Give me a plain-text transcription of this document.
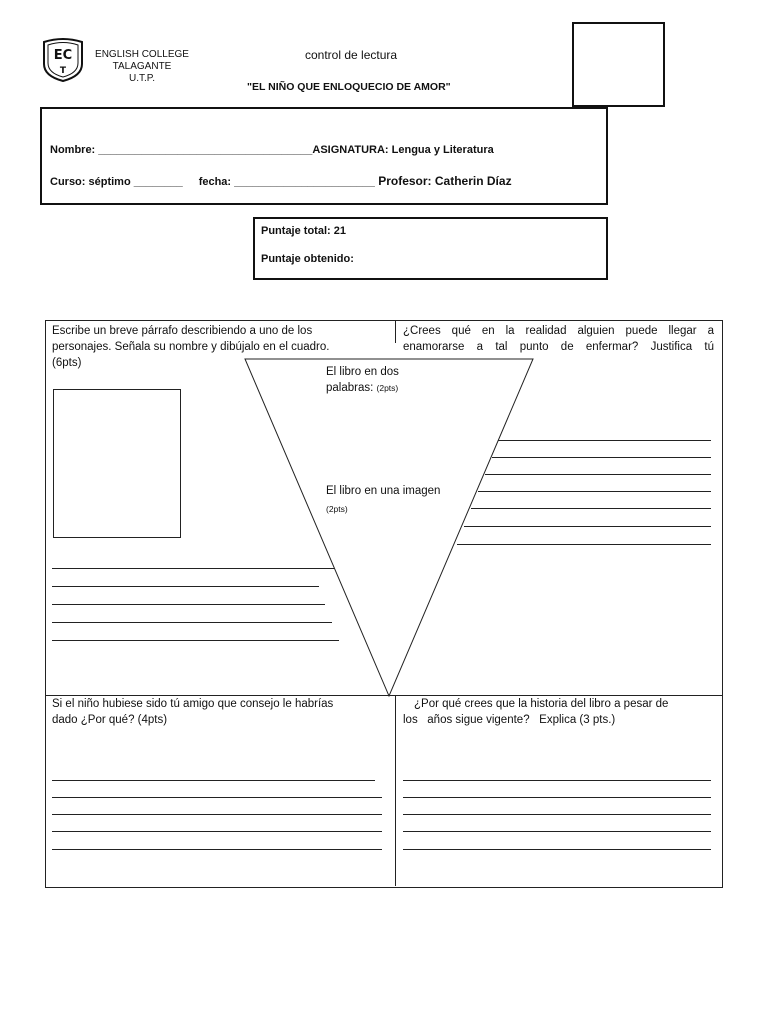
EC
T
ENGLISH COLLEGE
TALAGANTE
U.T.P.
control de lectura
"EL NIÑO QUE ENLOQUECIO DE AMOR"
Nombre: ___________________________________ASIGNATURA: Lengua y Literatura
Curso: séptimo ________ fecha: _______________________ Profesor: Catherin Díaz
Puntaje total: 21
Puntaje obtenido:
Escribe un breve párrafo describiendo a uno de los
personajes. Señala su nombre y dibújalo en el cuadro.
(6pts)
¿Crees qué en la realidad alguien puede llegar a
enamorarse a tal punto de enfermar? Justifica tú
El libro en dos
palabras: (2pts)
El libro en una imagen
(2pts)
Si el niño hubiese sido tú amigo que consejo le habrías
dado ¿Por qué? (4pts)
¿Por qué crees que la historia del libro a pesar de
los   años sigue vigente?   Explica (3 pts.)
